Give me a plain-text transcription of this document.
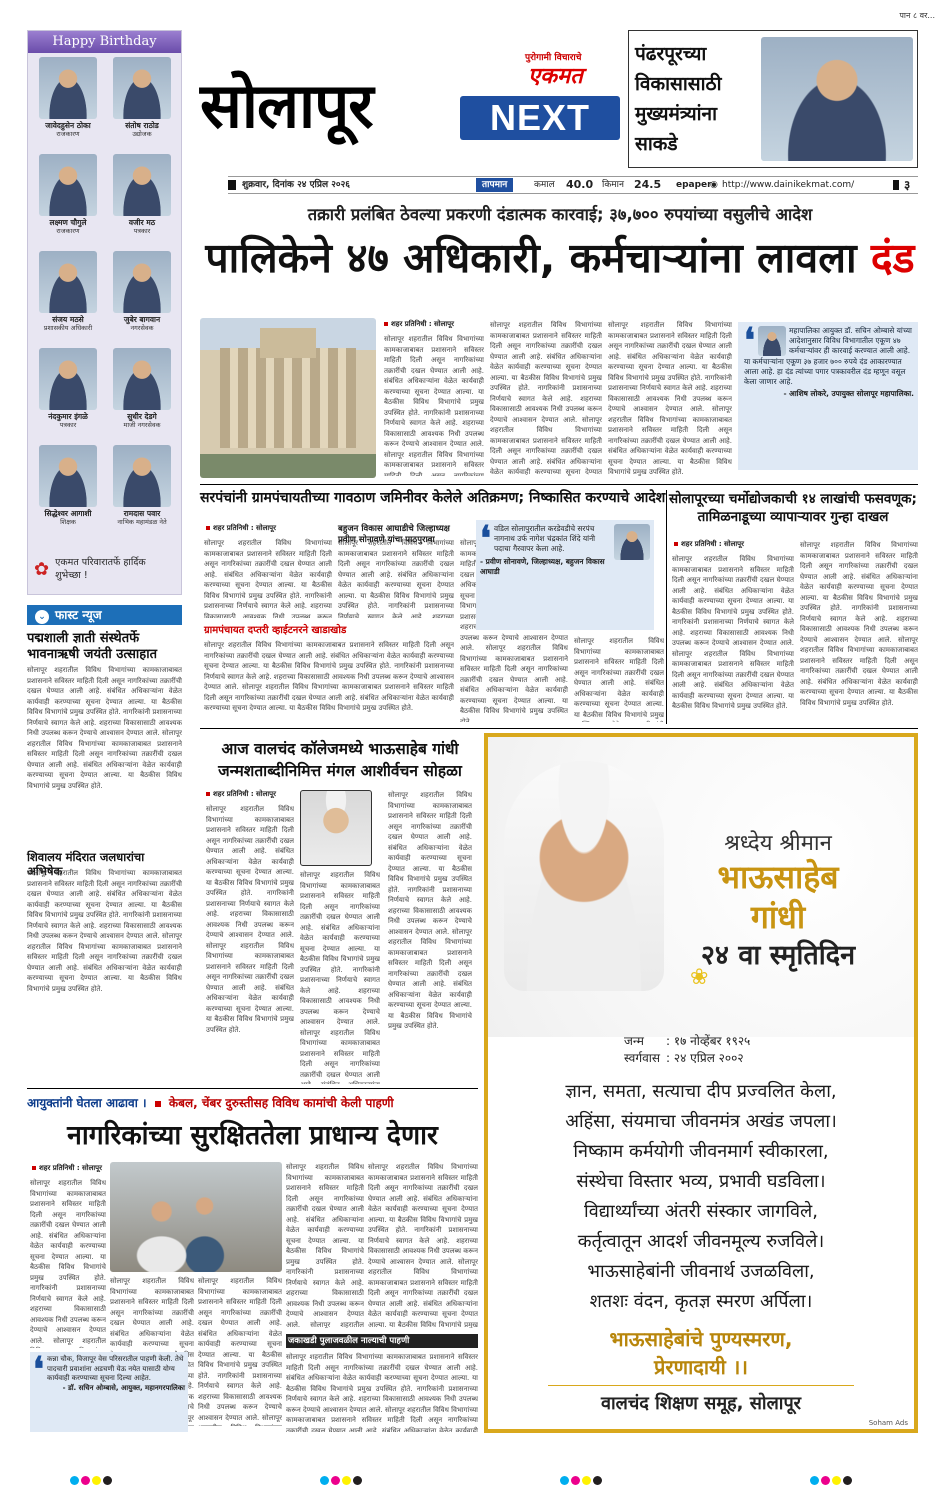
पान ८ वर...
Happy Birthday
जावेदहुसेन ठोका
राजकारण
संतोष राठोड
उद्योजक
लक्ष्मण चौगुले
राजकारण
वजीर मठ
पत्रकार
संजय मठसे
प्रशासकीय अधिकारी
जुबेर बागवान
नगरसेवक
नंदकुमार इंगळे
पत्रकार
सुधीर देडगे
माजी नगरसेवक
सिद्धेश्वर आगाशी
शिक्षक
रामदास पवार
नाभिक महामंडळ नेते
✿ एकमत परिवारातर्फे हार्दिक शुभेच्छा !
सोलापूर
पुरोगामी विचाराचे
एकमत
NEXT
पंढरपूरच्या विकासासाठी मुख्यमंत्र्यांना साकडे
शुक्रवार, दिनांक २४ एप्रिल २०२६	तापमान	कमाल 40.0 किमान 24.5 epaper
◉ http://www.dainikekmat.com/	३
तक्रारी प्रलंबित ठेवल्या प्रकरणी दंडात्मक कारवाई; ३७,७०० रुपयांच्या वसुलीचे आदेश
पालिकेने ४७ अधिकारी, कर्मचाऱ्यांना लावला दंड
शहर प्रतिनिधी : सोलापूर सोलापूर शहरातील विविध विभागांच्या कामकाजाबाबत प्रशासनाने सविस्तर माहिती दिली असून नागरिकांच्या तक्रारींची दखल घेण्यात आली आहे. संबंधित अधिकाऱ्यांना वेळेत कार्यवाही करण्याच्या सूचना देण्यात आल्या. या बैठकीस विविध विभागांचे प्रमुख उपस्थित होते. नागरिकांनी प्रशासनाच्या निर्णयाचे स्वागत केले आहे. शहराच्या विकासासाठी आवश्यक निधी उपलब्ध करून देण्याचे आश्वासन देण्यात आले. सोलापूर शहरातील विविध विभागांच्या कामकाजाबाबत प्रशासनाने सविस्तर माहिती दिली असून नागरिकांच्या तक्रारींची दखल घेण्यात आली आहे. संबंधित अधिकाऱ्यांना वेळेत कार्यवाही करण्याच्या सूचना देण्यात आल्या. या बैठकीस विविध विभागांचे प्रमुख उपस्थित होते. सोलापूर शहरातील विविध विभागांच्या कामकाजाबाबत प्रशासनाने सविस्तर माहिती दिली असून नागरिकांच्या तक्रारींची दखल घेण्यात आली आहे. संबंधित अधिकाऱ्यांना वेळेत कार्यवाही करण्याच्या सूचना देण्यात आल्या. या बैठकीस विविध विभागांचे प्रमुख उपस्थित होते. नागरिकांनी प्रशासनाच्या निर्णयाचे स्वागत केले आहे. शहराच्या विकासासाठी आवश्यक निधी उपलब्ध करून देण्याचे आश्वासन देण्यात आले. सोलापूर शहरातील विविध विभागांच्या कामकाजाबाबत प्रशासनाने सविस्तर माहिती दिली असून नागरिकांच्या तक्रारींची दखल घेण्यात आली आहे. संबंधित अधिकाऱ्यांना वेळेत कार्यवाही करण्याच्या सूचना देण्यात आल्या. या बैठकीस विविध विभागांचे प्रमुख उपस्थित होते. सोलापूर शहरातील विविध विभागांच्या कामकाजाबाबत प्रशासनाने सविस्तर माहिती दिली असून नागरिकांच्या तक्रारींची दखल घेण्यात आली आहे. संबंधित अधिकाऱ्यांना वेळेत कार्यवाही करण्याच्या सूचना देण्यात आल्या. या बैठकीस विविध विभागांचे प्रमुख उपस्थित होते. नागरिकांनी प्रशासनाच्या निर्णयाचे स्वागत केले आहे. शहराच्या विकासासाठी आवश्यक निधी उपलब्ध करून देण्याचे आश्वासन देण्यात आले. सोलापूर शहरातील विविध विभागांच्या कामकाजाबाबत प्रशासनाने सविस्तर माहिती दिली असून नागरिकांच्या तक्रारींची दखल घेण्यात आली आहे. संबंधित अधिकाऱ्यांना वेळेत कार्यवाही करण्याच्या सूचना देण्यात आल्या. या बैठकीस विविध विभागांचे प्रमुख उपस्थित होते.	❛	महापालिका आयुक्त डॉ. सचिन ओम्बासे यांच्या आदेशानुसार विविध विभागातील एकूण ४७ कर्मचाऱ्यांवर ही कारवाई करण्यात आली आहे. या कर्मचाऱ्यांना एकूण ३७ हजार ७०० रुपये दंड आकारण्यात आला आहे. हा दंड त्यांच्या पगार पत्रकावरील दंड म्हणून वसूल केला जाणार आहे.
- आशिष लोकरे, उपायुक्त सोलापूर महापालिका.
⌄ फास्ट न्यूज
पद्मशाली ज्ञाती संस्थेतर्फे भावनाऋषी जयंती उत्साहात
सोलापूर शहरातील विविध विभागांच्या कामकाजाबाबत प्रशासनाने सविस्तर माहिती दिली असून नागरिकांच्या तक्रारींची दखल घेण्यात आली आहे. संबंधित अधिकाऱ्यांना वेळेत कार्यवाही करण्याच्या सूचना देण्यात आल्या. या बैठकीस विविध विभागांचे प्रमुख उपस्थित होते. नागरिकांनी प्रशासनाच्या निर्णयाचे स्वागत केले आहे. शहराच्या विकासासाठी आवश्यक निधी उपलब्ध करून देण्याचे आश्वासन देण्यात आले. सोलापूर शहरातील विविध विभागांच्या कामकाजाबाबत प्रशासनाने सविस्तर माहिती दिली असून नागरिकांच्या तक्रारींची दखल घेण्यात आली आहे. संबंधित अधिकाऱ्यांना वेळेत कार्यवाही करण्याच्या सूचना देण्यात आल्या. या बैठकीस विविध विभागांचे प्रमुख उपस्थित होते.
शिवालय मंदिरात जलधारांचा अभिषेक
सोलापूर शहरातील विविध विभागांच्या कामकाजाबाबत प्रशासनाने सविस्तर माहिती दिली असून नागरिकांच्या तक्रारींची दखल घेण्यात आली आहे. संबंधित अधिकाऱ्यांना वेळेत कार्यवाही करण्याच्या सूचना देण्यात आल्या. या बैठकीस विविध विभागांचे प्रमुख उपस्थित होते. नागरिकांनी प्रशासनाच्या निर्णयाचे स्वागत केले आहे. शहराच्या विकासासाठी आवश्यक निधी उपलब्ध करून देण्याचे आश्वासन देण्यात आले. सोलापूर शहरातील विविध विभागांच्या कामकाजाबाबत प्रशासनाने सविस्तर माहिती दिली असून नागरिकांच्या तक्रारींची दखल घेण्यात आली आहे. संबंधित अधिकाऱ्यांना वेळेत कार्यवाही करण्याच्या सूचना देण्यात आल्या. या बैठकीस विविध विभागांचे प्रमुख उपस्थित होते.
सरपंचांनी ग्रामपंचायतीच्या गावठाण जमिनीवर केलेले अतिक्रमण; निष्कासित करण्याचे आदेश
शहर प्रतिनिधी : सोलापूर
सोलापूर शहरातील विविध विभागांच्या कामकाजाबाबत प्रशासनाने सविस्तर माहिती दिली असून नागरिकांच्या तक्रारींची दखल घेण्यात आली आहे. संबंधित अधिकाऱ्यांना वेळेत कार्यवाही करण्याच्या सूचना देण्यात आल्या. या बैठकीस विविध विभागांचे प्रमुख उपस्थित होते. नागरिकांनी प्रशासनाच्या निर्णयाचे स्वागत केले आहे. शहराच्या विकासासाठी आवश्यक निधी उपलब्ध करून देण्याचे आश्वासन देण्यात आले. सोलापूर शहरातील विविध विभागांच्या कामकाजाबाबत प्रशासनाने सविस्तर माहिती दिली असून नागरिकांच्या तक्रारींची दखल घेण्यात आली आहे. संबंधित अधिकाऱ्यांना वेळेत कार्यवाही करण्याच्या सूचना देण्यात आल्या. या बैठकीस विविध विभागांचे प्रमुख उपस्थित होते.
सोलापूर शहरातील विविध विभागांच्या कामकाजाबाबत प्रशासनाने सविस्तर माहिती दिली असून नागरिकांच्या तक्रारींची दखल घेण्यात आली आहे. संबंधित अधिकाऱ्यांना वेळेत कार्यवाही करण्याच्या सूचना देण्यात आल्या. या बैठकीस विविध विभागांचे प्रमुख उपस्थित होते. नागरिकांनी प्रशासनाच्या निर्णयाचे स्वागत केले आहे. शहराच्या विकासासाठी आवश्यक निधी उपलब्ध करून देण्याचे आश्वासन देण्यात आले. सोलापूर शहरातील विविध विभागांच्या कामकाजाबाबत प्रशासनाने सविस्तर माहिती दिली असून नागरिकांच्या तक्रारींची दखल घेण्यात आली आहे. संबंधित अधिकाऱ्यांना वेळेत कार्यवाही करण्याच्या सूचना देण्यात आल्या. या बैठकीस विविध विभागांचे प्रमुख उपस्थित होते.	बहुजन विकास आघाडीचे जिल्हाध्यक्ष प्रवीण सोनावणे यांचा पाठपुरावा
ग्रामपंचायत दप्तरी व्हाईटनरने खाडाखोड
सोलापूर शहरातील विविध विभागांच्या कामकाजाबाबत प्रशासनाने सविस्तर माहिती दिली असून नागरिकांच्या तक्रारींची दखल घेण्यात आली आहे. संबंधित अधिकाऱ्यांना वेळेत कार्यवाही करण्याच्या सूचना देण्यात आल्या. या बैठकीस विविध विभागांचे प्रमुख उपस्थित होते. नागरिकांनी प्रशासनाच्या निर्णयाचे स्वागत केले आहे. शहराच्या विकासासाठी आवश्यक निधी उपलब्ध करून देण्याचे आश्वासन देण्यात आले. सोलापूर शहरातील विविध विभागांच्या कामकाजाबाबत प्रशासनाने सविस्तर माहिती दिली असून नागरिकांच्या तक्रारींची दखल घेण्यात आली आहे. संबंधित अधिकाऱ्यांना वेळेत कार्यवाही करण्याच्या सूचना देण्यात आल्या. या बैठकीस विविध विभागांचे प्रमुख उपस्थित होते.
सोलापूर शहरातील विविध विभागांच्या कामकाजाबाबत प्रशासनाने सविस्तर माहिती दिली असून नागरिकांच्या तक्रारींची दखल घेण्यात आली आहे. संबंधित अधिकाऱ्यांना वेळेत कार्यवाही करण्याच्या सूचना देण्यात आल्या. या बैठकीस विविध विभागांचे प्रमुख उपस्थित होते. नागरिकांनी प्रशासनाच्या निर्णयाचे स्वागत केले आहे. शहराच्या विकासासाठी आवश्यक निधी उपलब्ध करून देण्याचे आश्वासन देण्यात आले. सोलापूर शहरातील विविध विभागांच्या कामकाजाबाबत प्रशासनाने सविस्तर माहिती दिली असून नागरिकांच्या तक्रारींची दखल घेण्यात आली आहे. संबंधित अधिकाऱ्यांना वेळेत कार्यवाही करण्याच्या सूचना देण्यात आल्या. या बैठकीस विविध विभागांचे प्रमुख उपस्थित होते.
❛ वडिल सोलापुरातील करडेवडीचे सरपंच नागनाथ उर्फ नागेश चंद्रकांत शिंदे यांनी पदाचा गैरवापर केला आहे.
- प्रवीण सोनावणे, जिल्हाध्यक्ष, बहुजन विकास आघाडी
सोलापूर शहरातील विविध विभागांच्या कामकाजाबाबत प्रशासनाने सविस्तर माहिती दिली असून नागरिकांच्या तक्रारींची दखल घेण्यात आली आहे. संबंधित अधिकाऱ्यांना वेळेत कार्यवाही करण्याच्या सूचना देण्यात आल्या. या बैठकीस विविध विभागांचे प्रमुख उपस्थित होते. नागरिकांनी प्रशासनाच्या निर्णयाचे स्वागत केले आहे. शहराच्या विकासासाठी आवश्यक निधी उपलब्ध करून देण्याचे आश्वासन देण्यात आले. सोलापूर शहरातील विविध विभागांच्या कामकाजाबाबत प्रशासनाने सविस्तर माहिती दिली असून नागरिकांच्या तक्रारींची दखल घेण्यात आली आहे. संबंधित अधिकाऱ्यांना वेळेत कार्यवाही करण्याच्या सूचना देण्यात आल्या. या बैठकीस विविध विभागांचे प्रमुख उपस्थित होते.
सोलापूरच्या चर्मोद्योजकाची १४ लाखांची फसवणूक; तामिळनाडूच्या व्यापाऱ्यावर गुन्हा दाखल
शहर प्रतिनिधी : सोलापूर
सोलापूर शहरातील विविध विभागांच्या कामकाजाबाबत प्रशासनाने सविस्तर माहिती दिली असून नागरिकांच्या तक्रारींची दखल घेण्यात आली आहे. संबंधित अधिकाऱ्यांना वेळेत कार्यवाही करण्याच्या सूचना देण्यात आल्या. या बैठकीस विविध विभागांचे प्रमुख उपस्थित होते. नागरिकांनी प्रशासनाच्या निर्णयाचे स्वागत केले आहे. शहराच्या विकासासाठी आवश्यक निधी उपलब्ध करून देण्याचे आश्वासन देण्यात आले. सोलापूर शहरातील विविध विभागांच्या कामकाजाबाबत प्रशासनाने सविस्तर माहिती दिली असून नागरिकांच्या तक्रारींची दखल घेण्यात आली आहे. संबंधित अधिकाऱ्यांना वेळेत कार्यवाही करण्याच्या सूचना देण्यात आल्या. या बैठकीस विविध विभागांचे प्रमुख उपस्थित होते.
सोलापूर शहरातील विविध विभागांच्या कामकाजाबाबत प्रशासनाने सविस्तर माहिती दिली असून नागरिकांच्या तक्रारींची दखल घेण्यात आली आहे. संबंधित अधिकाऱ्यांना वेळेत कार्यवाही करण्याच्या सूचना देण्यात आल्या. या बैठकीस विविध विभागांचे प्रमुख उपस्थित होते. नागरिकांनी प्रशासनाच्या निर्णयाचे स्वागत केले आहे. शहराच्या विकासासाठी आवश्यक निधी उपलब्ध करून देण्याचे आश्वासन देण्यात आले. सोलापूर शहरातील विविध विभागांच्या कामकाजाबाबत प्रशासनाने सविस्तर माहिती दिली असून नागरिकांच्या तक्रारींची दखल घेण्यात आली आहे. संबंधित अधिकाऱ्यांना वेळेत कार्यवाही करण्याच्या सूचना देण्यात आल्या. या बैठकीस विविध विभागांचे प्रमुख उपस्थित होते.
आज वालचंद कॉलेजमध्ये भाऊसाहेब गांधी जन्मशताब्दीनिमित्त मंगल आशीर्वचन सोहळा
शहर प्रतिनिधी : सोलापूर
सोलापूर शहरातील विविध विभागांच्या कामकाजाबाबत प्रशासनाने सविस्तर माहिती दिली असून नागरिकांच्या तक्रारींची दखल घेण्यात आली आहे. संबंधित अधिकाऱ्यांना वेळेत कार्यवाही करण्याच्या सूचना देण्यात आल्या. या बैठकीस विविध विभागांचे प्रमुख उपस्थित होते. नागरिकांनी प्रशासनाच्या निर्णयाचे स्वागत केले आहे. शहराच्या विकासासाठी आवश्यक निधी उपलब्ध करून देण्याचे आश्वासन देण्यात आले. सोलापूर शहरातील विविध विभागांच्या कामकाजाबाबत प्रशासनाने सविस्तर माहिती दिली असून नागरिकांच्या तक्रारींची दखल घेण्यात आली आहे. संबंधित अधिकाऱ्यांना वेळेत कार्यवाही करण्याच्या सूचना देण्यात आल्या. या बैठकीस विविध विभागांचे प्रमुख उपस्थित होते.
सोलापूर शहरातील विविध विभागांच्या कामकाजाबाबत प्रशासनाने सविस्तर माहिती दिली असून नागरिकांच्या तक्रारींची दखल घेण्यात आली आहे. संबंधित अधिकाऱ्यांना वेळेत कार्यवाही करण्याच्या सूचना देण्यात आल्या. या बैठकीस विविध विभागांचे प्रमुख उपस्थित होते. नागरिकांनी प्रशासनाच्या निर्णयाचे स्वागत केले आहे. शहराच्या विकासासाठी आवश्यक निधी उपलब्ध करून देण्याचे आश्वासन देण्यात आले. सोलापूर शहरातील विविध विभागांच्या कामकाजाबाबत प्रशासनाने सविस्तर माहिती दिली असून नागरिकांच्या तक्रारींची दखल घेण्यात आली आहे. संबंधित अधिकाऱ्यांना वेळेत कार्यवाही करण्याच्या सूचना देण्यात आल्या. या बैठकीस विविध विभागांचे प्रमुख उपस्थित होते.
सोलापूर शहरातील विविध विभागांच्या कामकाजाबाबत प्रशासनाने सविस्तर माहिती दिली असून नागरिकांच्या तक्रारींची दखल घेण्यात आली आहे. संबंधित अधिकाऱ्यांना वेळेत कार्यवाही करण्याच्या सूचना देण्यात आल्या. या बैठकीस विविध विभागांचे प्रमुख उपस्थित होते. नागरिकांनी प्रशासनाच्या निर्णयाचे स्वागत केले आहे. शहराच्या विकासासाठी आवश्यक निधी उपलब्ध करून देण्याचे आश्वासन देण्यात आले. सोलापूर शहरातील विविध विभागांच्या कामकाजाबाबत प्रशासनाने सविस्तर माहिती दिली असून नागरिकांच्या तक्रारींची दखल घेण्यात आली आहे. संबंधित अधिकाऱ्यांना वेळेत कार्यवाही करण्याच्या सूचना देण्यात आल्या. या बैठकीस विविध विभागांचे प्रमुख उपस्थित होते.
श्रध्देय श्रीमान
भाऊसाहेब
गांधी
२४ वा स्मृतिदिन
❀
जन्म : १७ नोव्हेंबर १९२५
स्वर्गवास : २४ एप्रिल २००२
ज्ञान, समता, सत्याचा दीप प्रज्वलित केला,
अहिंसा, संयमाचा जीवनमंत्र अखंड जपला।
निष्काम कर्मयोगी जीवनमार्ग स्वीकारला,
संस्थेचा विस्तार भव्य, प्रभावी घडविला।
विद्यार्थ्यांच्या अंतरी संस्कार जागविले,
कर्तृत्वातून आदर्श जीवनमूल्य रुजविले।
भाऊसाहेबांनी जीवनार्थ उजळविला,
शतशः वंदन, कृतज्ञ स्मरण अर्पिला।
भाऊसाहेबांचे पुण्यस्मरण,
प्रेरणादायी ।।
वालचंद शिक्षण समूह, सोलापूर
Soham Ads
आयुक्तांनी घेतला आढावा । केबल, चेंबर दुरुस्तीसह विविध कामांची केली पाहणी
नागरिकांच्या सुरक्षिततेला प्राधान्य देणार
शहर प्रतिनिधी : सोलापूर
सोलापूर शहरातील विविध विभागांच्या कामकाजाबाबत प्रशासनाने सविस्तर माहिती दिली असून नागरिकांच्या तक्रारींची दखल घेण्यात आली आहे. संबंधित अधिकाऱ्यांना वेळेत कार्यवाही करण्याच्या सूचना देण्यात आल्या. या बैठकीस विविध विभागांचे प्रमुख उपस्थित होते. नागरिकांनी प्रशासनाच्या निर्णयाचे स्वागत केले आहे. शहराच्या विकासासाठी आवश्यक निधी उपलब्ध करून देण्याचे आश्वासन देण्यात आले. सोलापूर शहरातील विविध विभागांच्या कामकाजाबाबत प्रशासनाने सविस्तर माहिती दिली असून नागरिकांच्या तक्रारींची दखल घेण्यात आली आहे. संबंधित अधिकाऱ्यांना वेळेत कार्यवाही करण्याच्या सूचना देण्यात आल्या. या बैठकीस विविध विभागांचे प्रमुख उपस्थित होते.
सोलापूर शहरातील विविध विभागांच्या कामकाजाबाबत प्रशासनाने सविस्तर माहिती दिली असून नागरिकांच्या तक्रारींची दखल घेण्यात आली आहे. संबंधित अधिकाऱ्यांना वेळेत कार्यवाही करण्याच्या सूचना देण्यात आल्या. या बैठकीस विविध विभागांचे प्रमुख उपस्थित होते. नागरिकांनी प्रशासनाच्या निर्णयाचे स्वागत केले आहे. शहराच्या विकासासाठी आवश्यक निधी उपलब्ध करून देण्याचे आश्वासन देण्यात आले. सोलापूर शहरातील विविध विभागांच्या कामकाजाबाबत प्रशासनाने सविस्तर माहिती दिली असून नागरिकांच्या तक्रारींची दखल घेण्यात आली आहे. संबंधित अधिकाऱ्यांना वेळेत कार्यवाही करण्याच्या सूचना देण्यात आल्या. या बैठकीस विविध विभागांचे प्रमुख उपस्थित होते.
सोलापूर शहरातील विविध विभागांच्या कामकाजाबाबत प्रशासनाने सविस्तर माहिती दिली असून नागरिकांच्या तक्रारींची दखल घेण्यात आली आहे. संबंधित अधिकाऱ्यांना वेळेत कार्यवाही करण्याच्या सूचना देण्यात आल्या. या बैठकीस विविध विभागांचे प्रमुख उपस्थित होते. नागरिकांनी प्रशासनाच्या निर्णयाचे स्वागत केले आहे. शहराच्या विकासासाठी आवश्यक निधी उपलब्ध करून देण्याचे आश्वासन देण्यात आले. सोलापूर शहरातील विविध विभागांच्या कामकाजाबाबत प्रशासनाने सविस्तर माहिती दिली असून नागरिकांच्या तक्रारींची दखल घेण्यात आली आहे. संबंधित अधिकाऱ्यांना वेळेत कार्यवाही करण्याच्या सूचना देण्यात आल्या. या बैठकीस विविध विभागांचे प्रमुख उपस्थित होते.
सोलापूर शहरातील विविध विभागांच्या कामकाजाबाबत प्रशासनाने सविस्तर माहिती दिली असून नागरिकांच्या तक्रारींची दखल घेण्यात आली आहे. संबंधित अधिकाऱ्यांना वेळेत कार्यवाही करण्याच्या सूचना देण्यात आल्या. या बैठकीस विविध विभागांचे प्रमुख उपस्थित होते. नागरिकांनी प्रशासनाच्या निर्णयाचे स्वागत केले आहे. शहराच्या विकासासाठी आवश्यक निधी उपलब्ध करून देण्याचे आश्वासन देण्यात आले. सोलापूर शहरातील विविध विभागांच्या कामकाजाबाबत प्रशासनाने सविस्तर माहिती दिली असून नागरिकांच्या तक्रारींची दखल घेण्यात आली आहे. संबंधित अधिकाऱ्यांना वेळेत कार्यवाही करण्याच्या सूचना देण्यात आल्या. या बैठकीस विविध विभागांचे प्रमुख उपस्थित होते.
सोलापूर शहरातील विविध विभागांच्या कामकाजाबाबत प्रशासनाने सविस्तर माहिती दिली असून नागरिकांच्या तक्रारींची दखल घेण्यात आली आहे. संबंधित अधिकाऱ्यांना वेळेत कार्यवाही करण्याच्या सूचना देण्यात आल्या. या बैठकीस विविध विभागांचे प्रमुख उपस्थित होते. नागरिकांनी प्रशासनाच्या निर्णयाचे स्वागत केले आहे. शहराच्या विकासासाठी आवश्यक निधी उपलब्ध करून देण्याचे आश्वासन देण्यात आले. सोलापूर शहरातील विविध विभागांच्या कामकाजाबाबत प्रशासनाने सविस्तर माहिती दिली असून नागरिकांच्या तक्रारींची दखल घेण्यात आली आहे. संबंधित अधिकाऱ्यांना वेळेत कार्यवाही करण्याच्या सूचना देण्यात आल्या. या बैठकीस विविध विभागांचे प्रमुख उपस्थित होते.
❛ कन्ना चौक, विजापूर वेस परिसरातील पाहणी केली. तेथे पादचारी प्रवाशांना अडचणी येऊ नयेत यासाठी योग्य कार्यवाही करण्याच्या सूचना दिल्या आहेत.
- डॉ. सचिन ओम्बासे, आयुक्त, महानगरपालिका
जकाखडी पुलाजवळील नाल्याची पाहणी
सोलापूर शहरातील विविध विभागांच्या कामकाजाबाबत प्रशासनाने सविस्तर माहिती दिली असून नागरिकांच्या तक्रारींची दखल घेण्यात आली आहे. संबंधित अधिकाऱ्यांना वेळेत कार्यवाही करण्याच्या सूचना देण्यात आल्या. या बैठकीस विविध विभागांचे प्रमुख उपस्थित होते. नागरिकांनी प्रशासनाच्या निर्णयाचे स्वागत केले आहे. शहराच्या विकासासाठी आवश्यक निधी उपलब्ध करून देण्याचे आश्वासन देण्यात आले. सोलापूर शहरातील विविध विभागांच्या कामकाजाबाबत प्रशासनाने सविस्तर माहिती दिली असून नागरिकांच्या तक्रारींची दखल घेण्यात आली आहे. संबंधित अधिकाऱ्यांना वेळेत कार्यवाही करण्याच्या सूचना देण्यात आल्या. या बैठकीस विविध विभागांचे प्रमुख उपस्थित होते.
